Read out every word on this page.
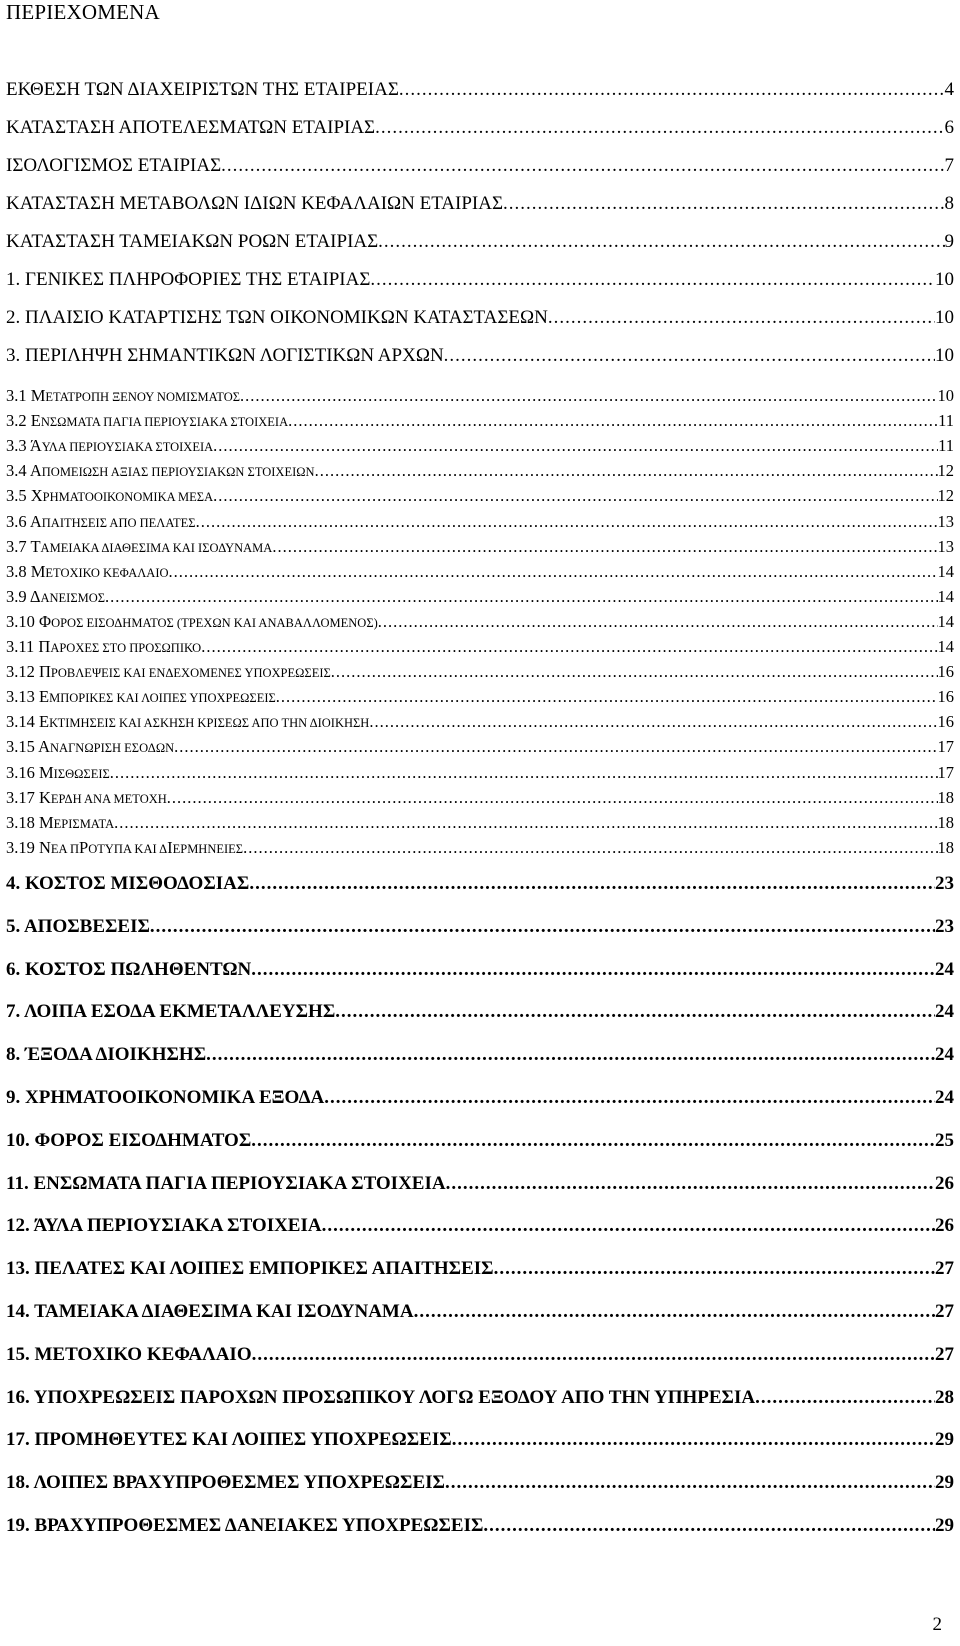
ΠΕΡΙΕΧΟΜΕΝΑ
ΕΚΘΕΣΗ ΤΩΝ ΔΙΑΧΕΙΡΙΣΤΩΝ ΤΗΣ ΕΤΑΙΡΕΙΑΣ .....	4
ΚΑΤΑΣΤΑΣΗ ΑΠΟΤΕΛΕΣΜΑΤΩΝ ΕΤΑΙΡΙΑΣ .....	6
ΙΣΟΛΟΓΙΣΜΟΣ ΕΤΑΙΡΙΑΣ .....	7
ΚΑΤΑΣΤΑΣΗ ΜΕΤΑΒΟΛΩΝ ΙΔΙΩΝ ΚΕΦΑΛΑΙΩΝ ΕΤΑΙΡΙΑΣ .....	8
ΚΑΤΑΣΤΑΣΗ ΤΑΜΕΙΑΚΩΝ ΡΟΩΝ ΕΤΑΙΡΙΑΣ .....	9
1. ΓΕΝΙΚΕΣ ΠΛΗΡΟΦΟΡΙΕΣ ΤΗΣ ΕΤΑΙΡΙΑΣ .....	10
2. ΠΛΑΙΣΙΟ ΚΑΤΑΡΤΙΣΗΣ ΤΩΝ ΟΙΚΟΝΟΜΙΚΩΝ ΚΑΤΑΣΤΑΣΕΩΝ .....	10
3. ΠΕΡΙΛΗΨΗ ΣΗΜΑΝΤΙΚΩΝ ΛΟΓΙΣΤΙΚΩΝ ΑΡΧΩΝ .....	10
3.1 ΜΕΤΑΤΡΟΠΗ ΞΕΝΟΥ ΝΟΜΙΣΜΑΤΟΣ .....	10
3.2 ΕΝΣΩΜΑΤΑ ΠΑΓΙΑ ΠΕΡΙΟΥΣΙΑΚΑ ΣΤΟΙΧΕΙΑ .....	11
3.3 ΆΥΛΑ ΠΕΡΙΟΥΣΙΑΚΑ ΣΤΟΙΧΕΙΑ .....	11
3.4 ΑΠΟΜΕΙΩΣΗ ΑΞΙΑΣ ΠΕΡΙΟΥΣΙΑΚΩΝ ΣΤΟΙΧΕΙΩΝ .....	12
3.5 ΧΡΗΜΑΤΟΟΙΚΟΝΟΜΙΚΑ ΜΕΣΑ .....	12
3.6 ΑΠΑΙΤΗΣΕΙΣ ΑΠΟ ΠΕΛΑΤΕΣ .....	13
3.7 ΤΑΜΕΙΑΚΑ ΔΙΑΘΕΣΙΜΑ ΚΑΙ ΙΣΟΔΥΝΑΜΑ .....	13
3.8 ΜΕΤΟΧΙΚΟ ΚΕΦΑΛΑΙΟ .....	14
3.9 ΔΑΝΕΙΣΜΟΣ .....	14
3.10 ΦΟΡΟΣ ΕΙΣΟΔΗΜΑΤΟΣ (ΤΡΕΧΩΝ ΚΑΙ ΑΝΑΒΑΛΛΟΜΕΝΟΣ) .....	14
3.11 ΠΑΡΟΧΕΣ ΣΤΟ ΠΡΟΣΩΠΙΚΟ .....	14
3.12 ΠΡΟΒΛΕΨΕΙΣ ΚΑΙ ΕΝΔΕΧΟΜΕΝΕΣ ΥΠΟΧΡΕΩΣΕΙΣ .....	16
3.13 ΕΜΠΟΡΙΚΕΣ ΚΑΙ ΛΟΙΠΕΣ ΥΠΟΧΡΕΩΣΕΙΣ .....	16
3.14 ΕΚΤΙΜΗΣΕΙΣ ΚΑΙ ΑΣΚΗΣΗ ΚΡΙΣΕΩΣ ΑΠΟ ΤΗΝ ΔΙΟΙΚΗΣΗ .....	16
3.15 ΑΝΑΓΝΩΡΙΣΗ ΕΣΟΔΩΝ .....	17
3.16 ΜΙΣΘΩΣΕΙΣ .....	17
3.17 ΚΕΡΔΗ ΑΝΑ ΜΕΤΟΧΗ .....	18
3.18 ΜΕΡΙΣΜΑΤΑ .....	18
3.19 ΝΕΑ ΠΡΟΤΥΠΑ ΚΑΙ ΔΙΕΡΜΗΝΕΙΕΣ .....	18
4. ΚΟΣΤΟΣ ΜΙΣΘΟΔΟΣΙΑΣ .....	23
5. ΑΠΟΣΒΕΣΕΙΣ .....	23
6. ΚΟΣΤΟΣ ΠΩΛΗΘΕΝΤΩΝ .....	24
7. ΛΟΙΠΑ ΕΣΟΔΑ ΕΚΜΕΤΑΛΛΕΥΣΗΣ .....	24
8. ΈΞΟΔΑ ΔΙΟΙΚΗΣΗΣ .....	24
9. ΧΡΗΜΑΤΟΟΙΚΟΝΟΜΙΚΑ ΕΞΟΔΑ .....	24
10. ΦΟΡΟΣ ΕΙΣΟΔΗΜΑΤΟΣ .....	25
11. ΕΝΣΩΜΑΤΑ ΠΑΓΙΑ ΠΕΡΙΟΥΣΙΑΚΑ ΣΤΟΙΧΕΙΑ .....	26
12. ΆΥΛΑ ΠΕΡΙΟΥΣΙΑΚΑ ΣΤΟΙΧΕΙΑ .....	26
13. ΠΕΛΑΤΕΣ ΚΑΙ ΛΟΙΠΕΣ ΕΜΠΟΡΙΚΕΣ ΑΠΑΙΤΗΣΕΙΣ .....	27
14. ΤΑΜΕΙΑΚΑ ΔΙΑΘΕΣΙΜΑ ΚΑΙ ΙΣΟΔΥΝΑΜΑ .....	27
15. ΜΕΤΟΧΙΚΟ ΚΕΦΑΛΑΙΟ .....	27
16. ΥΠΟΧΡΕΩΣΕΙΣ ΠΑΡΟΧΩΝ ΠΡΟΣΩΠΙΚΟΥ ΛΟΓΩ ΕΞΟΔΟΥ ΑΠΟ ΤΗΝ ΥΠΗΡΕΣΙΑ .....	28
17. ΠΡΟΜΗΘΕΥΤΕΣ ΚΑΙ ΛΟΙΠΕΣ ΥΠΟΧΡΕΩΣΕΙΣ .....	29
18. ΛΟΙΠΕΣ ΒΡΑΧΥΠΡΟΘΕΣΜΕΣ ΥΠΟΧΡΕΩΣΕΙΣ .....	29
19. ΒΡΑΧΥΠΡΟΘΕΣΜΕΣ ΔΑΝΕΙΑΚΕΣ ΥΠΟΧΡΕΩΣΕΙΣ .....	29
2
